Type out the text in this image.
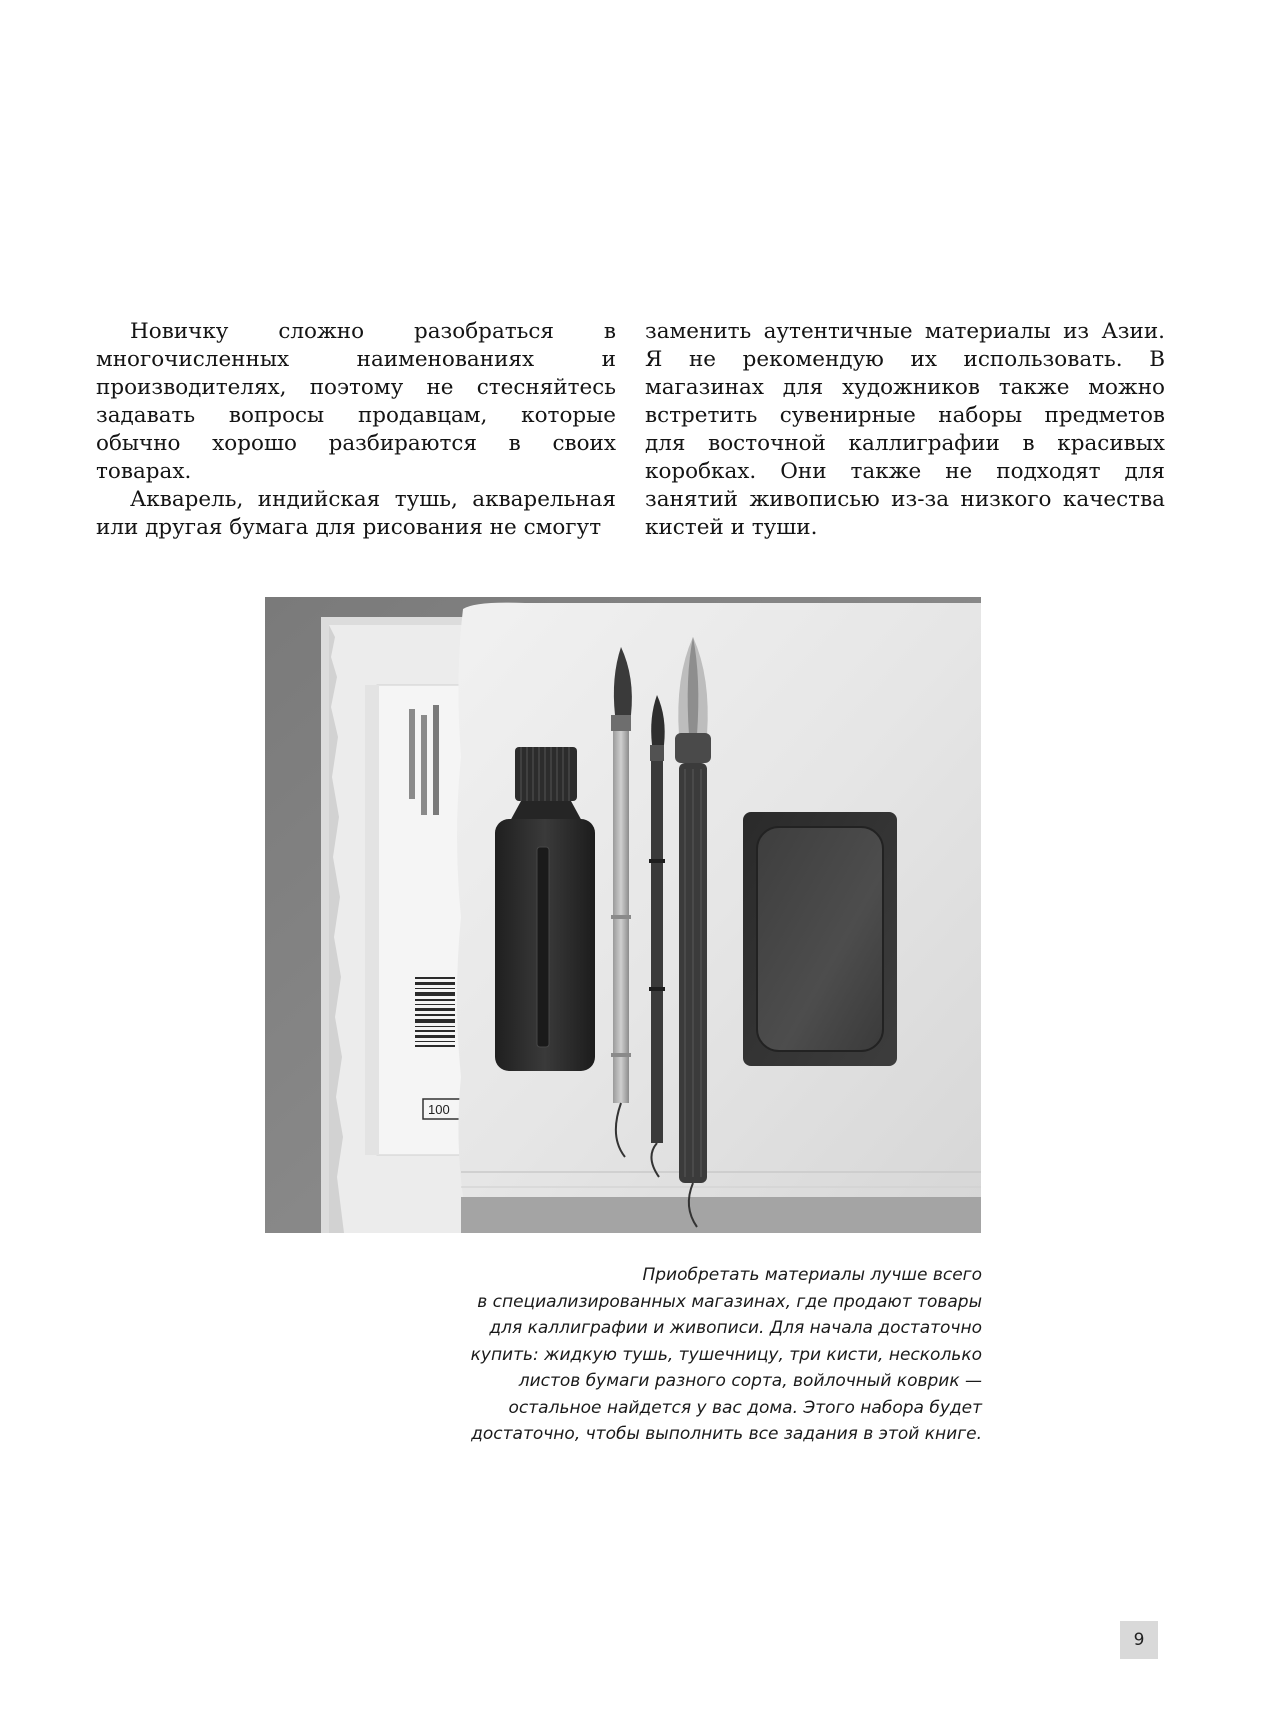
Новичку сложно разобраться в многочисленных наименованиях и производителях, поэтому не стесняйтесь задавать вопросы продавцам, которые обычно хорошо разбираются в своих товарах.

Акварель, индийская тушь, акварельная или другая бумага для рисования не смогут

заменить аутентичные материалы из Азии. Я не рекомендую их использовать. В магазинах для художников также можно встретить сувенирные наборы предметов для восточной каллиграфии в красивых коробках. Они также не подходят для занятий живописью из-за низкого качества кистей и туши.

100
Приобретать материалы лучше всего
в специализированных магазинах, где продают товары
для каллиграфии и живописи. Для начала достаточно
купить: жидкую тушь, тушечницу, три кисти, несколько
листов бумаги разного сорта, войлочный коврик —
остальное найдется у вас дома. Этого набора будет
достаточно, чтобы выполнить все задания в этой книге.
9
